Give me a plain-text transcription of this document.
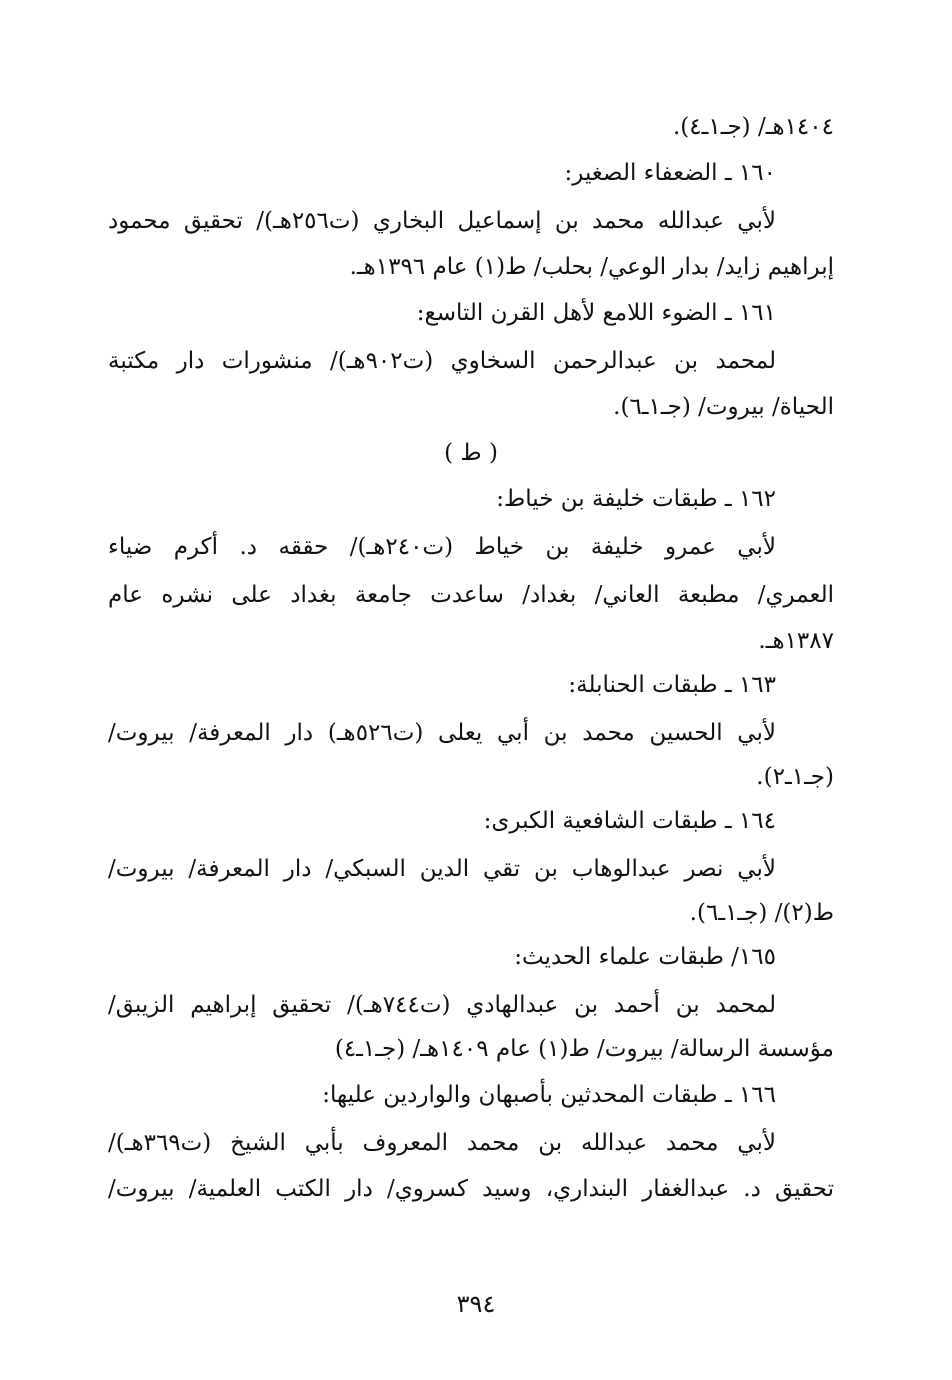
١٤٠٤هـ/ (جـ١ـ٤).
١٦٠ ـ الضعفاء الصغير:
لأبي عبدالله محمد بن إسماعيل البخاري (ت٢٥٦هـ)/ تحقيق محمود
إبراهيم زايد/ بدار الوعي/ بحلب/ ط(١) عام ١٣٩٦هـ.
١٦١ ـ الضوء اللامع لأهل القرن التاسع:
لمحمد بن عبدالرحمن السخاوي (ت٩٠٢هـ)/ منشورات دار مكتبة
الحياة/ بيروت/ (جـ١ـ٦).
( ط )
١٦٢ ـ طبقات خليفة بن خياط:
لأبي عمرو خليفة بن خياط (ت٢٤٠هـ)/ حققه د. أكرم ضياء
العمري/ مطبعة العاني/ بغداد/ ساعدت جامعة بغداد على نشره عام
١٣٨٧هـ.
١٦٣ ـ طبقات الحنابلة:
لأبي الحسين محمد بن أبي يعلى (ت٥٢٦هـ) دار المعرفة/ بيروت/
(جـ١ـ٢).
١٦٤ ـ طبقات الشافعية الكبرى:
لأبي نصر عبدالوهاب بن تقي الدين السبكي/ دار المعرفة/ بيروت/
ط(٢)/ (جـ١ـ٦).
١٦٥/ طبقات علماء الحديث:
لمحمد بن أحمد بن عبدالهادي (ت٧٤٤هـ)/ تحقيق إبراهيم الزيبق/
مؤسسة الرسالة/ بيروت/ ط(١) عام ١٤٠٩هـ/ (جـ١ـ٤)
١٦٦ ـ طبقات المحدثين بأصبهان والواردين عليها:
لأبي محمد عبدالله بن محمد المعروف بأبي الشيخ (ت٣٦٩هـ)/
تحقيق د. عبدالغفار البنداري، وسيد كسروي/ دار الكتب العلمية/ بيروت/
٣٩٤
